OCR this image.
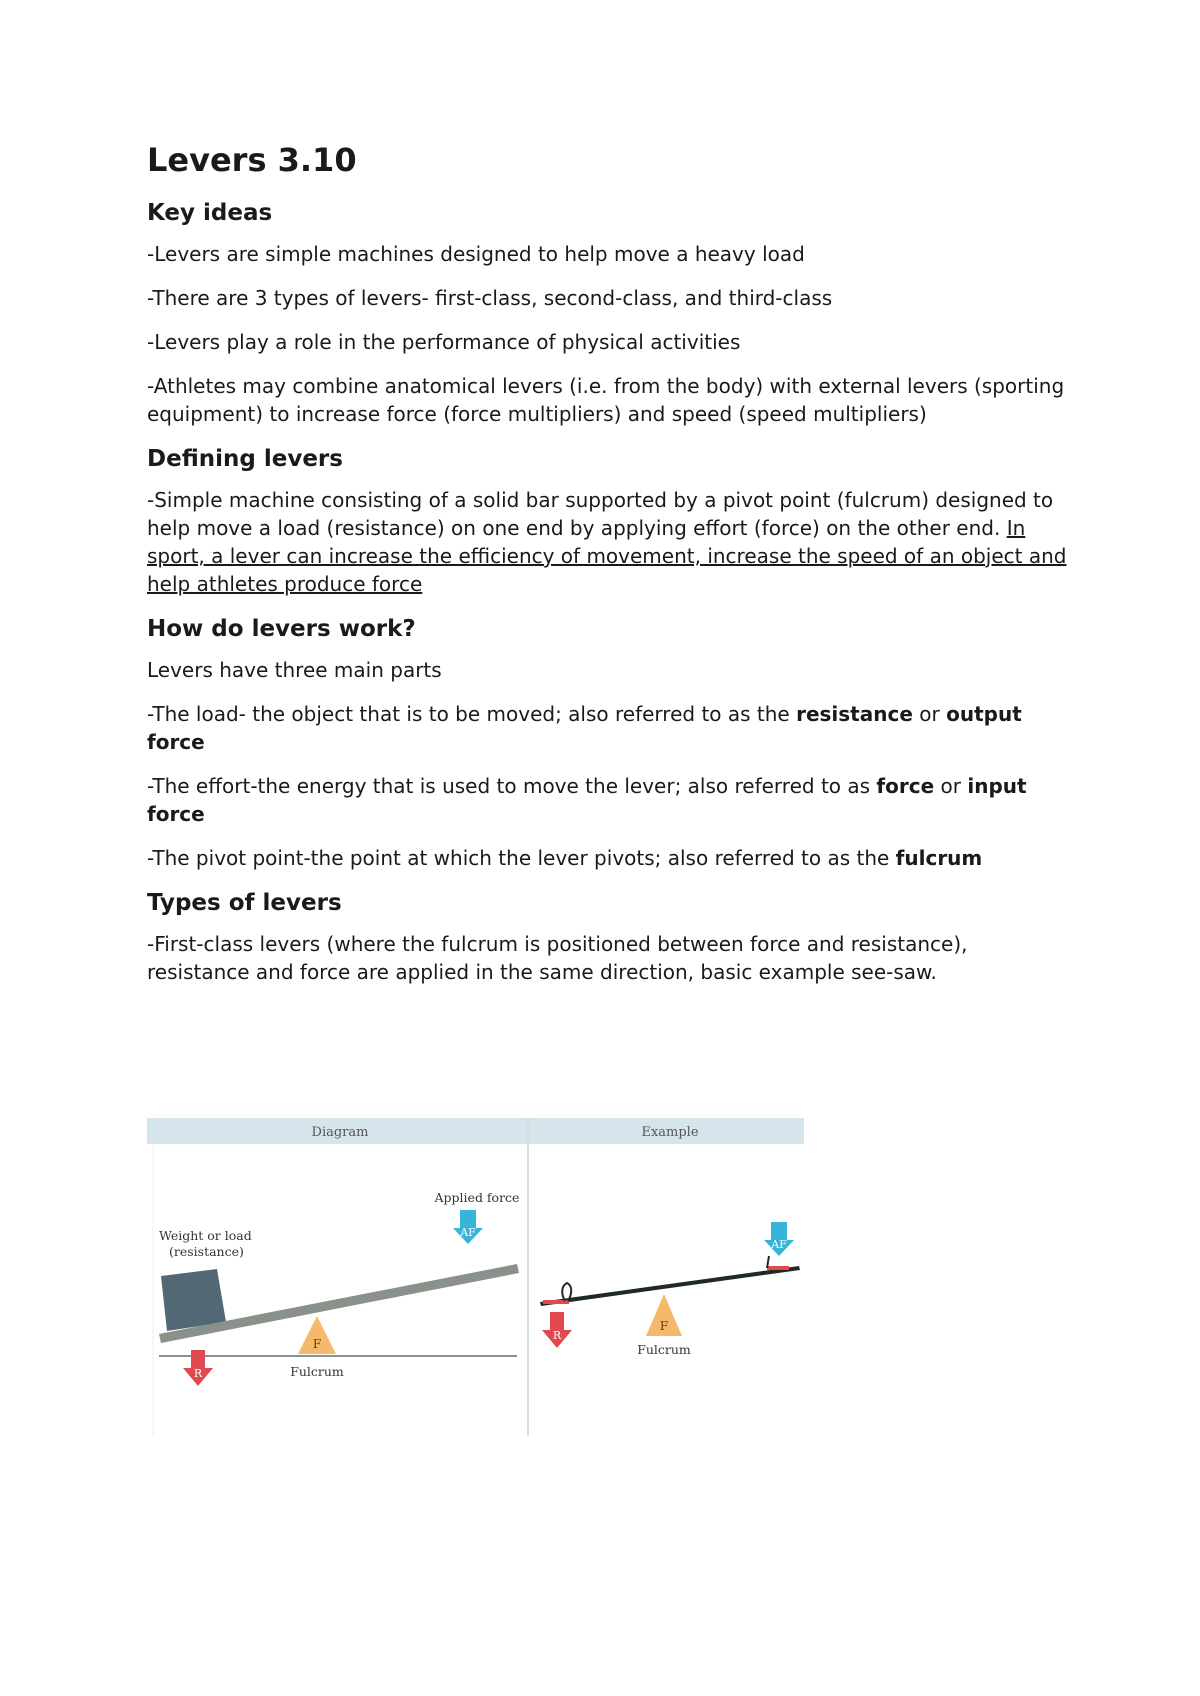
Levers 3.10
Key ideas

-Levers are simple machines designed to help move a heavy load

-There are 3 types of levers- first-class, second-class, and third-class

-Levers play a role in the performance of physical activities

-Athletes may combine anatomical levers (i.e. from the body) with external levers (sporting equipment) to increase force (force multipliers) and speed (speed multipliers)

Defining levers

-Simple machine consisting of a solid bar supported by a pivot point (fulcrum) designed to help move a load (resistance) on one end by applying effort (force) on the other end. In sport, a lever can increase the efficiency of movement, increase the speed of an object and help athletes produce force

How do levers work?

Levers have three main parts

-The load- the object that is to be moved; also referred to as the resistance or output force

-The effort-the energy that is used to move the lever; also referred to as force or input force

-The pivot point-the point at which the lever pivots; also referred to as the fulcrum

Types of levers

-First-class levers (where the fulcrum is positioned between force and resistance), resistance and force are applied in the same direction, basic example see-saw.

Diagram	Example
Applied force
AF
Weight or load
(resistance)
F
R	Fulcrum
AF
F
R
Fulcrum
